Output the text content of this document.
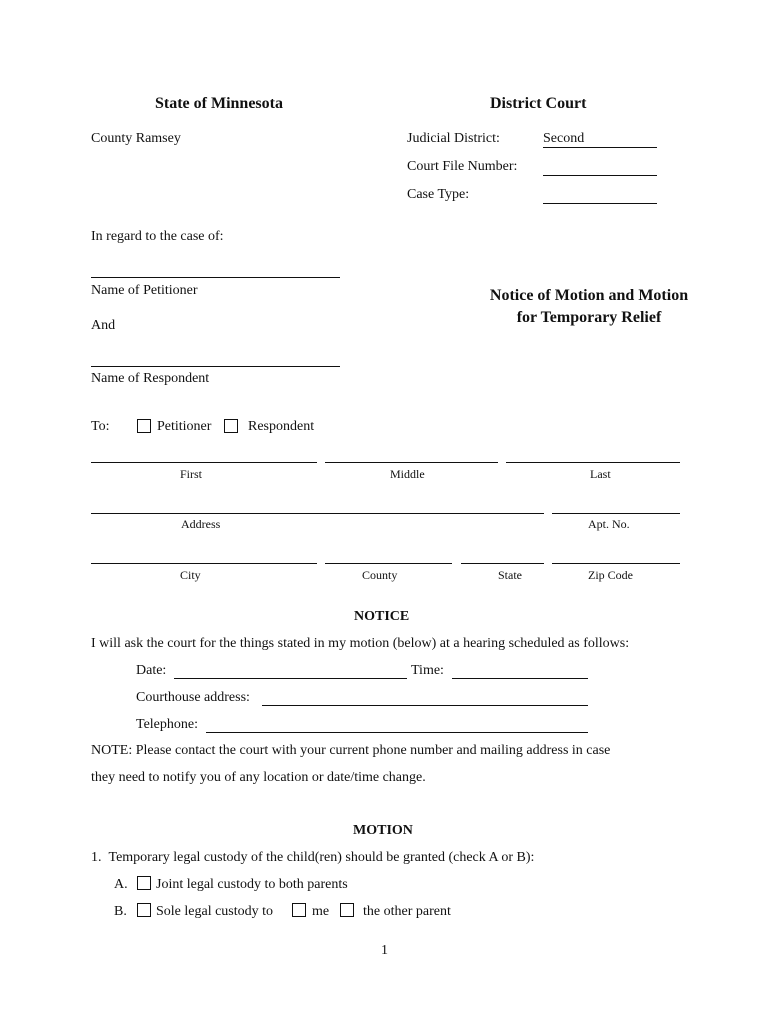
State of Minnesota	District Court
County Ramsey	Judicial District:	Second
Court File Number:
Case Type:
In regard to the case of:
Name of Petitioner
And
Name of Respondent
Notice of Motion and Motion
for Temporary Relief
To:	Petitioner	Respondent
First	Middle	Last
Address	Apt. No.
City	County	State	Zip Code
NOTICE
I will ask the court for the things stated in my motion (below) at a hearing scheduled as follows:
Date:	Time:
Courthouse address:
Telephone:
NOTE: Please contact the court with your current phone number and mailing address in case
they need to notify you of any location or date/time change.
MOTION
1. Temporary legal custody of the child(ren) should be granted (check A or B):
A. Joint legal custody to both parents
B. Sole legal custody to	me the other parent
1
